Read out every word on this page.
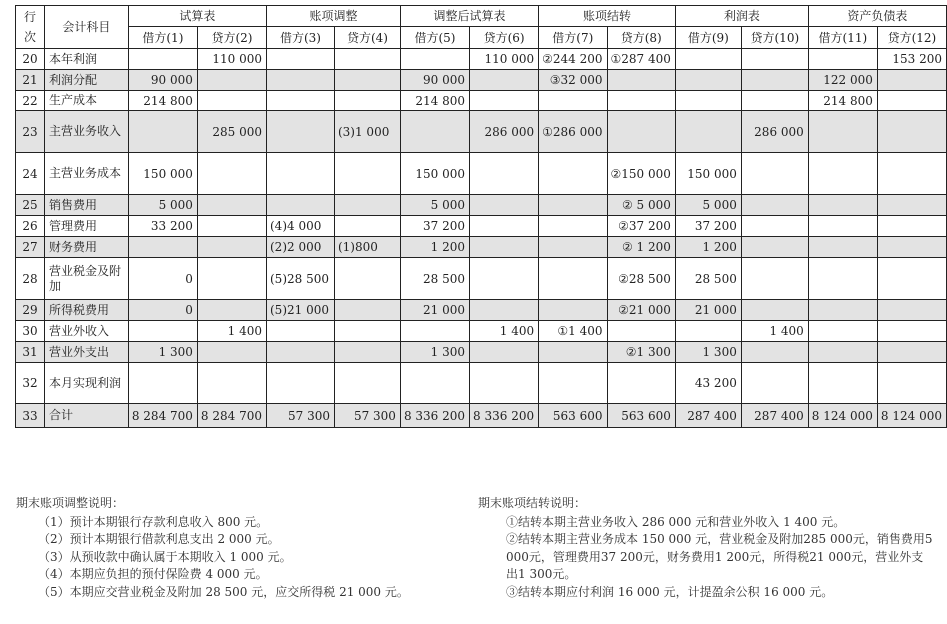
行次	会计科目	试算表		账项调整		调整后试算表		账项结转		利润表		资产负债表	
		借方(1)	贷方(2)	借方(3)	贷方(4)	借方(5)	贷方(6)	借方(7)	贷方(8)	借方(9)	贷方(10)	借方(11)	贷方(12)
20	本年利润		110 000				110 000	②244 200	①287 400				153 200
21	利润分配	90 000				90 000		③32 000				122 000	
22	生产成本	214 800				214 800						214 800	
23	主营业务收入		285 000		(3)1 000		286 000	①286 000			286 000		
24	主营业务成本	150 000				150 000			②150 000	150 000			
25	销售费用	5 000				5 000			② 5 000	5 000			
26	管理费用	33 200		(4)4 000		37 200			②37 200	37 200			
27	财务费用			(2)2 000	(1)800	1 200			② 1 200	1 200			
28	营业税金及附加	0		(5)28 500		28 500			②28 500	28 500			
29	所得税费用	0		(5)21 000		21 000			②21 000	21 000			
30	营业外收入		1 400				1 400	①1 400			1 400		
31	营业外支出	1 300				1 300			②1 300	1 300			
32	本月实现利润									43 200			
33	合计	8 284 700	8 284 700	57 300	57 300	8 336 200	8 336 200	563 600	563 600	287 400	287 400	8 124 000	8 124 000

期末账项调整说明：

（1）预计本期银行存款利息收入 800 元。

（2）预计本期银行借款利息支出 2 000 元。

（3）从预收款中确认属于本期收入 1 000 元。

（4）本期应负担的预付保险费 4 000 元。

（5）本期应交营业税金及附加 28 500 元，应交所得税 21 000 元。

期末账项结转说明：

①结转本期主营业务收入 286 000 元和营业外收入 1 400 元。

②结转本期主营业务成本 150 000 元，营业税金及附加285 000元，销售费用5 000元，管理费用37 200元，财务费用1 200元，所得税21 000元，营业外支出1 300元。

③结转本期应付利润 16 000 元，计提盈余公积 16 000 元。
